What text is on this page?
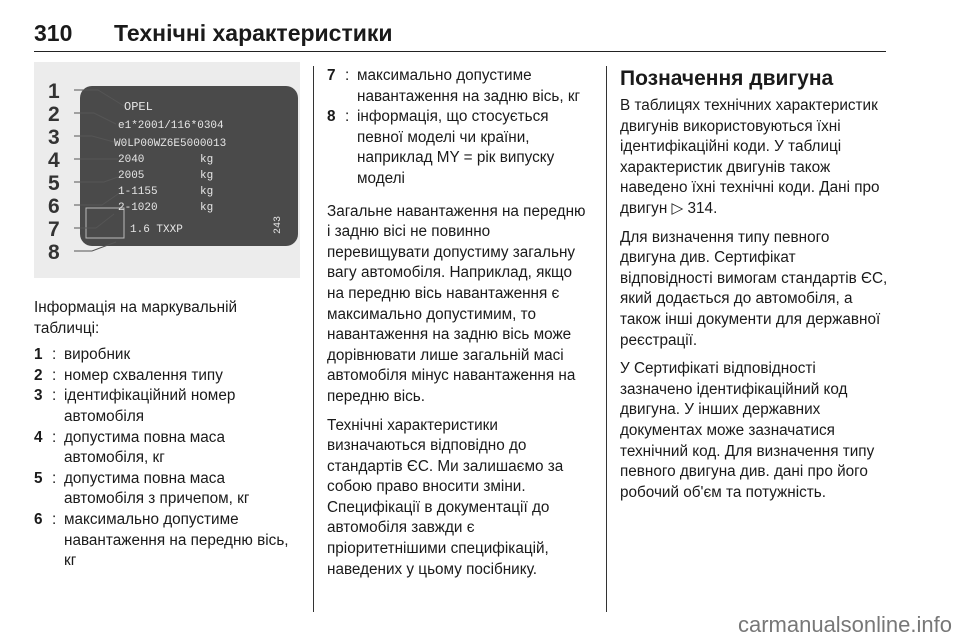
310	Технічні характеристики
1
2
3
4
5
6
7
8
OPEL
e1*2001/116*0304
W0LP00WZ6E5000013
2040	kg
2005	kg
1-1155	kg
2-1020	kg
1.6 TXXP	243

Інформація на маркувальній табличці:

1 : виробник
2 : номер схвалення типу
3 : ідентифікаційний номер автомобіля
4 : допустима повна маса автомобіля, кг
5 : допустима повна маса автомобіля з причепом, кг
6 : максимально допустиме навантаження на передню вісь, кг
7 : максимально допустиме навантаження на задню вісь, кг
8 : інформація, що стосується певної моделі чи країни, наприклад MY = рік випуску моделі

Загальне навантаження на передню і задню вісі не повинно перевищувати допустиму загальну вагу автомобіля. Наприклад, якщо на передню вісь навантаження є максимально допустимим, то навантаження на задню вісь може дорівнювати лише загальній масі автомобіля мінус навантаження на передню вісь.

Технічні характеристики визначаються відповідно до стандартів ЄС. Ми залишаємо за собою право вносити зміни. Специфікації в документації до автомобіля завжди є пріоритетнішими специфікацій, наведених у цьому посібнику.

Позначення двигуна

В таблицях технічних характеристик двигунів використовуються їхні ідентифікаційні коди. У таблиці характеристик двигунів також наведено їхні технічні коди. Дані про двигун ▷ 314.

Для визначення типу певного двигуна див. Сертифікат відповідності вимогам стандартів ЄС, який додається до автомобіля, а також інші документи для державної реєстрації.

У Сертифікаті відповідності зазначено ідентифікаційний код двигуна. У інших державних документах може зазначатися технічний код. Для визначення типу певного двигуна див. дані про його робочий об'єм та потужність.

carmanualsonline.info
